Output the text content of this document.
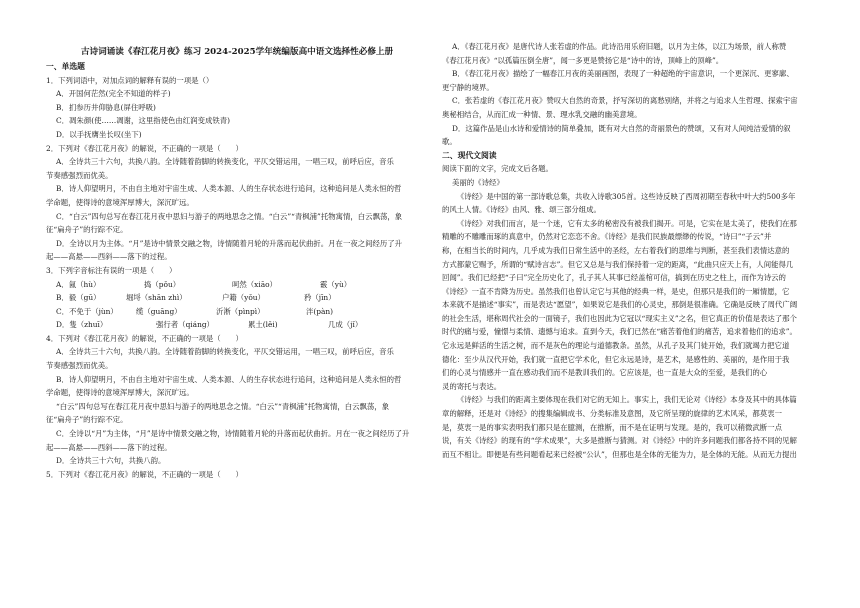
古诗词诵读《春江花月夜》练习 2024-2025学年统编版高中语文选择性必修上册
一、单选题

1．下列词语中，对加点词的解释有误的一项是（）

A．开国何茫然(完全不知道的样子)

B．扪参历井仰胁息(屏住呼吸)

C．凋朱颜(使……凋谢，这里指使色由红润变成铁青)

D．以手抚膺坐长叹(坐下)

2．下列对《春江花月夜》的解说，不正确的一项是（　　）

A．全诗共三十六句，共换八韵。全诗随着韵脚的转换变化，平仄交错运用，一唱三叹，前呼后应，音乐

节奏感强烈而优美。

B．诗人仰望明月，不由自主地对宇宙生成、人类本源、人的生存状态进行追问，这种追问是人类永恒的哲

学命题，使得诗的意境浑厚博大，深沉旷远。

C．“白云”四句总写在春江花月夜中思妇与游子的两地思念之情。“白云”“青枫浦”托物寓情，白云飘荡，象

征“扁舟子”的行踪不定。

D．全诗以月为主体。“月”是诗中情景交融之物，诗情随着月轮的升落而起伏曲折。月在一夜之间经历了升

起——高悬——西斜——落下的过程。

3．下列字音标注有误的一项是（　　）

A．氤（hù）	捣（pǒu）	呵然（xiāo）	霰（yù）

B．毅（gū）	堀埒（shān zhì）	户籍（yǒu）	矜（jīn）

C．不免于（jùn） 缆（guāng）	沂淅（pìnpì）	泮(pàn)

D．隻（zhuī）	强行者（qiáng）	累土(lěi)	几成（jǐ）

4．下列对《春江花月夜》的解说，不正确的一项是（　　）

A．全诗共三十六句，共换八韵。全诗随着韵脚的转换变化，平仄交错运用，一唱三叹，前呼后应，音乐

节奏感强烈而优美。

B．诗人仰望明月，不由自主地对宇宙生成、人类本源、人的生存状态进行追问，这种追问是人类永恒的哲

学命题，使得诗的意境浑厚博大，深沉旷远。

“白云”四句总写在春江花月夜中思妇与游子的两地思念之情。“白云”“青枫浦”托物寓情，白云飘荡，象

征“扁舟子”的行踪不定。

C．全诗以“月”为主体，“月”是诗中情景交融之物，诗情随着月轮的升落而起伏曲折。月在一夜之间经历了升

起——高悬——西斜——落下的过程。

D．全诗共三十六句，共换八韵。

5．下列对《春江花月夜》的解说，不正确的一项是（　　）

A．《春江花月夜》是唐代诗人张若虚的作品。此诗沿用乐府旧题，以月为主体，以江为场景，前人称赞

《春江花月夜》“以孤篇压倒全唐”，闻一多更是赞扬它是“诗中的诗，顶峰上的顶峰”。

B．《春江花月夜》描绘了一幅春江月夜的美丽画图，表现了一种超绝的宇宙意识，一个更深沉、更寥廓、

更宁静的境界。

C．张若虚的《春江花月夜》赞叹大自然的奇景，抒写深切的离愁别绪，并将之与追求人生哲理、探索宇宙

奥秘相结合，从而汇成一种情、景、理水乳交融的幽美意境。

D．这篇作品是山水诗和爱情诗的简单叠加，既有对大自然的奇丽景色的赞颂，又有对人间纯洁爱情的叙

歌。

二、现代文阅读

阅读下面的文字，完成文后各题。

美丽的《诗经》

《诗经》是中国的第一部诗歌总集，共收入诗歌305首。这些诗反映了西周初期至春秋中叶大约500多年

的风土人情。《诗经》由风、雅、颂三部分组成。

《诗经》对我们而言，是一个迷，它有太多的秘密没有被我们揭开。可是，它实在是太美了，使我们在那

精雕的不雕雕而琢的真意中，仍然对它恋恋不舍。《诗经》是我们民族最缥缈的传说，“诗曰”“子云”并

称，在相当长的时间内，几乎成为我们日常生活中的圣经，左右着我们的思维与判断，甚至我们表情达意的

方式都蒙它赐予，所谓的“赋诗言志”。但它又总是与我们保持着一定的距离，“此曲只应天上有，人间能得几

回闻”。我们已经把“子曰”完全历史化了，孔子其人其事已经盖棺可信，搞到在历史之柱上，而作为诗云的

《诗经》一直不肯降为历史。虽然我们也曾认定它与其他的经典一样，是史，但那只是我们的一厢情愿，它

本来就不是描述“事实”，而是表达“愿望”，如果说它是我们的心灵史，那倒是很准确。它确是反映了周代广阔

的社会生活，堪称周代社会的一面镜子，我们也因此为它冠以“现实主义”之名，但它真正的价值是表达了那个

时代的痛与爱，憧憬与柔情、遗憾与追求。直到今天，我们已然在“痛苦着他们的痛苦，追求着他们的追求”。

它永远是鲜活的生活之树，而不是灰色的理论与道德教条。虽然，从孔子及其门徒开始，我们就竭力把它道

德化：至少从汉代开始，我们就一直把它学术化，但它永远是诗，是艺术，是感性的、美丽的，是作用于我

们的心灵与情感并一直在感动我们而不是教训我们的。它应该是，也一直是大众的至爱，是我们的心

灵的寄托与表达。

《诗经》与我们的距离主要体现在我们对它的无知上。事实上，我们无论对《诗经》本身及其中的具体篇

章的解释，还是对《诗经》的搜集编辑成书、分类标准及意图，及它所呈现的旋律的艺术风采，都莫衷一

是，莫衷一是的事实表明我们都只是在臆测，在推断，而不是在证明与发现。是的，我可以稍微武断一点

说，有关《诗经》的现有的“学术成果”，大多是推断与猜测。对《诗经》中的许多问题我们都各持不同的见解

而互不相让。即便是有些问题看起来已经被“公认”，但那也是全体的无能为力，是全体的无能。从而无力提出
